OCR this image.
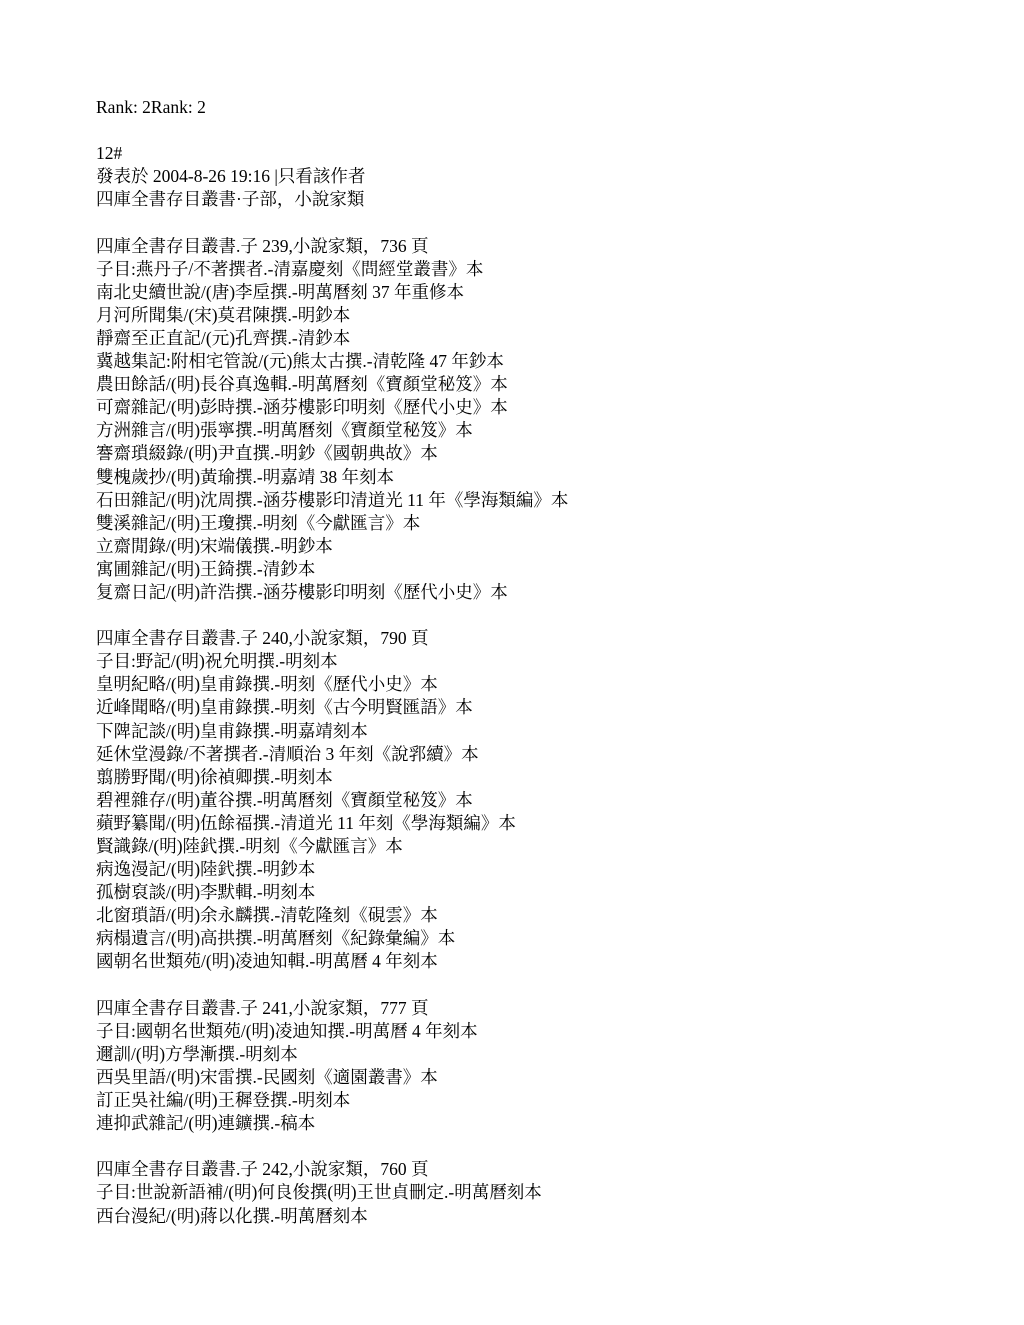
Rank: 2Rank: 2
12#
發表於 2004-8-26 19:16 |只看該作者
四庫全書存目叢書·子部，小說家類
四庫全書存目叢書.子 239,小說家類，736 頁
子目:燕丹子/不著撰者.-清嘉慶刻《問經堂叢書》本
南北史續世說/(唐)李垕撰.-明萬曆刻 37 年重修本
月河所聞集/(宋)莫君陳撰.-明鈔本
靜齋至正直記/(元)孔齊撰.-清鈔本
冀越集記:附相宅管說/(元)熊太古撰.-清乾隆 47 年鈔本
農田餘話/(明)長谷真逸輯.-明萬曆刻《寶顏堂秘笈》本
可齋雜記/(明)彭時撰.-涵芬樓影印明刻《歷代小史》本
方洲雜言/(明)張寧撰.-明萬曆刻《寶顏堂秘笈》本
謇齋瑣綴錄/(明)尹直撰.-明鈔《國朝典故》本
雙槐歲抄/(明)黃瑜撰.-明嘉靖 38 年刻本
石田雜記/(明)沈周撰.-涵芬樓影印清道光 11 年《學海類編》本
雙溪雜記/(明)王瓊撰.-明刻《今獻匯言》本
立齋閒錄/(明)宋端儀撰.-明鈔本
寓圃雜記/(明)王錡撰.-清鈔本
复齋日記/(明)許浩撰.-涵芬樓影印明刻《歷代小史》本
四庫全書存目叢書.子 240,小說家類，790 頁
子目:野記/(明)祝允明撰.-明刻本
皇明紀略/(明)皇甫錄撰.-明刻《歷代小史》本
近峰聞略/(明)皇甫錄撰.-明刻《古今明賢匯語》本
下陴記談/(明)皇甫錄撰.-明嘉靖刻本
延休堂漫錄/不著撰者.-清順治 3 年刻《說郛續》本
翦勝野聞/(明)徐禎卿撰.-明刻本
碧裡雜存/(明)董谷撰.-明萬曆刻《寶顏堂秘笈》本
蘋野纂聞/(明)伍餘福撰.-清道光 11 年刻《學海類編》本
賢識錄/(明)陸釴撰.-明刻《今獻匯言》本
病逸漫記/(明)陸釴撰.-明鈔本
孤樹裒談/(明)李默輯.-明刻本
北窗瑣語/(明)余永麟撰.-清乾隆刻《硯雲》本
病榻遺言/(明)高拱撰.-明萬曆刻《紀錄彙編》本
國朝名世類苑/(明)凌迪知輯.-明萬曆 4 年刻本
四庫全書存目叢書.子 241,小說家類，777 頁
子目:國朝名世類苑/(明)凌迪知撰.-明萬曆 4 年刻本
邇訓/(明)方學漸撰.-明刻本
西吳里語/(明)宋雷撰.-民國刻《適園叢書》本
訂正吳社編/(明)王穉登撰.-明刻本
連抑武雜記/(明)連鑛撰.-稿本
四庫全書存目叢書.子 242,小說家類，760 頁
子目:世說新語補/(明)何良俊撰(明)王世貞刪定.-明萬曆刻本
西台漫紀/(明)蔣以化撰.-明萬曆刻本
